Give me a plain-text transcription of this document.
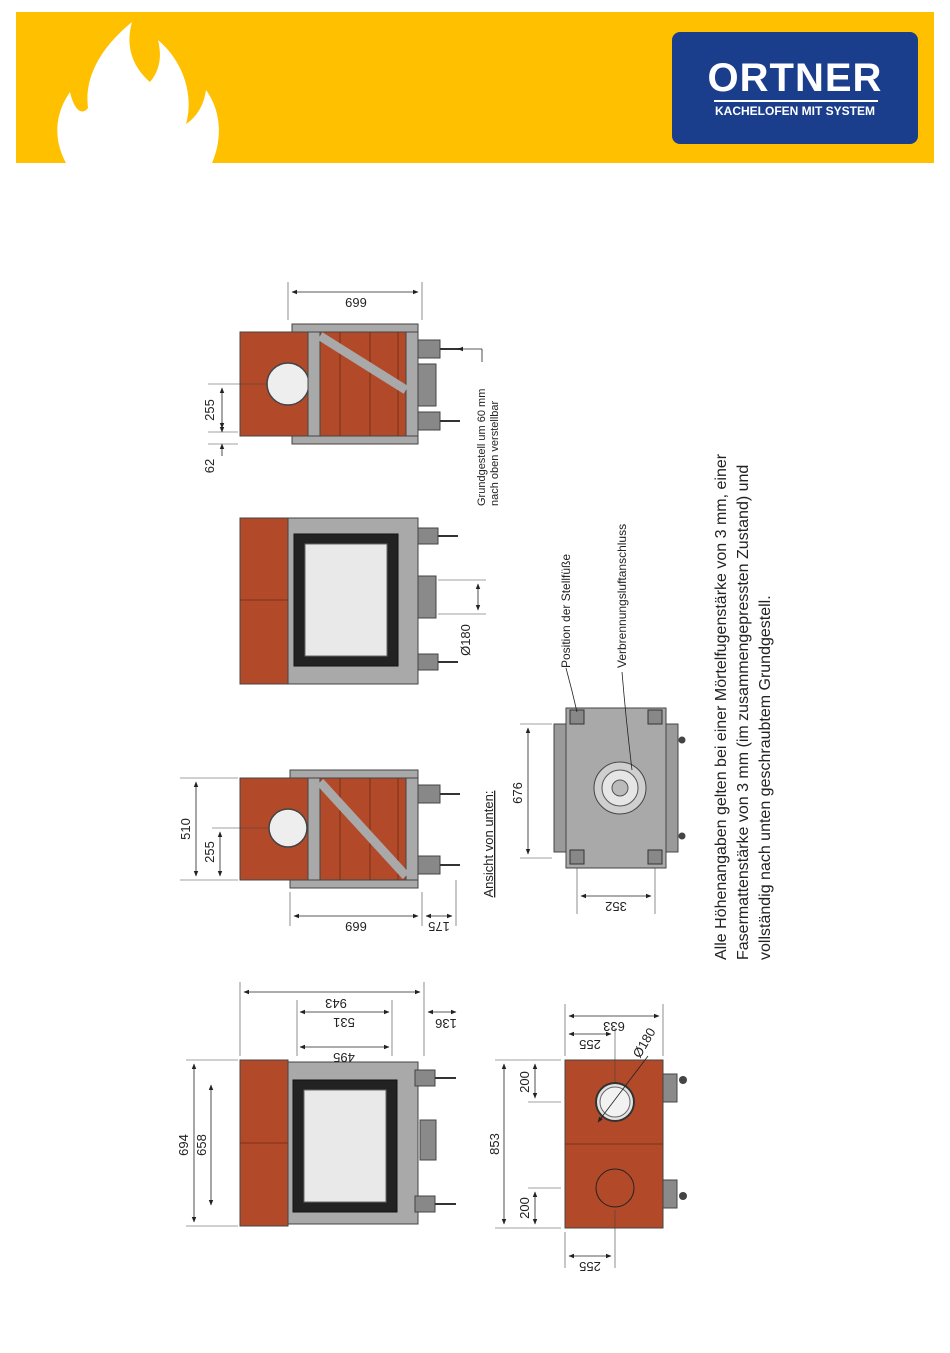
ORTNER
KACHELOFEN MIT SYSTEM
694 658
943
531
495
136
853
200
200
633
255
255
Ø180
510
255
669	175
Ansicht von unten: 676
352
Position der Stellfüße	Verbrennungsluftanschluss
Ø180
255
62
669
Grundgestell um 60 mm nach oben verstellbar
Alle Höhenangaben gelten bei einer Mörtelfugenstärke von 3 mm, einer Fasermattenstärke von 3 mm (im zusammengepressten Zustand) und vollständig nach unten geschraubtem Grundgestell.
